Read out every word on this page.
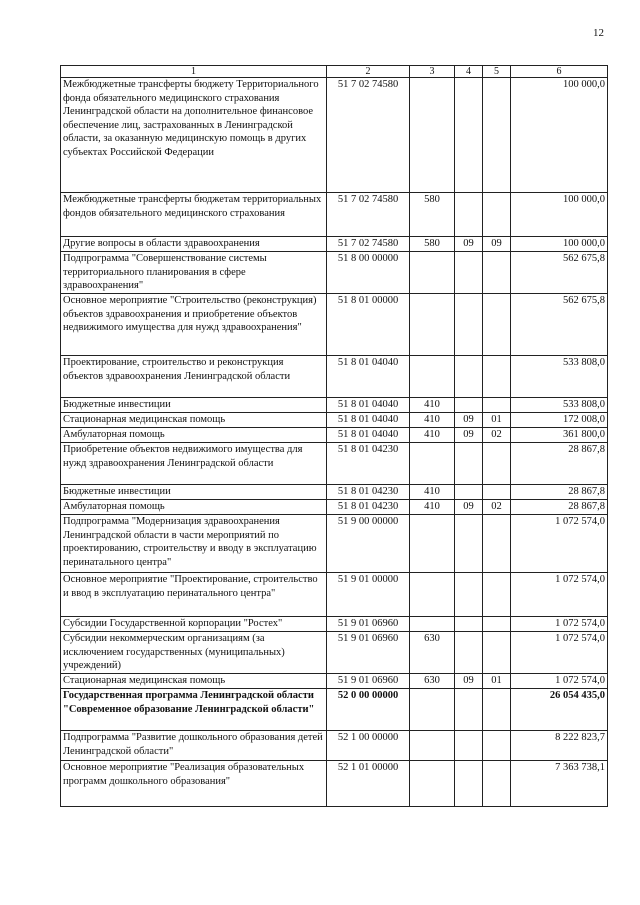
12
1	2	3	4	5	6
Межбюджетные трансферты бюджету Территориального фонда обязательного медицинского страхования Ленинградской области на дополнительное финансовое обеспечение лиц, застрахованных в Ленинградской области, за оказанную медицинскую помощь в других субъектах Российской Федерации	51 7 02 74580				100 000,0
Межбюджетные трансферты бюджетам территориальных фондов обязательного медицинского страхования	51 7 02 74580	580			100 000,0
Другие вопросы в области здравоохранения	51 7 02 74580	580	09	09	100 000,0
Подпрограмма "Совершенствование системы территориального планирования в сфере здравоохранения"	51 8 00 00000				562 675,8
Основное мероприятие "Строительство (реконструкция) объектов здравоохранения и приобретение объектов недвижимого имущества для нужд здравоохранения"	51 8 01 00000				562 675,8
Проектирование, строительство и реконструкция объектов здравоохранения Ленинградской области	51 8 01 04040				533 808,0
Бюджетные инвестиции	51 8 01 04040	410			533 808,0
Стационарная медицинская помощь	51 8 01 04040	410	09	01	172 008,0
Амбулаторная помощь	51 8 01 04040	410	09	02	361 800,0
Приобретение объектов недвижимого имущества для нужд здравоохранения Ленинградской области	51 8 01 04230				28 867,8
Бюджетные инвестиции	51 8 01 04230	410			28 867,8
Амбулаторная помощь	51 8 01 04230	410	09	02	28 867,8
Подпрограмма "Модернизация здравоохранения Ленинградской области в части мероприятий по проектированию, строительству и вводу в эксплуатацию перинатального центра"	51 9 00 00000				1 072 574,0
Основное мероприятие "Проектирование, строительство и ввод в эксплуатацию перинатального центра"	51 9 01 00000				1 072 574,0
Субсидии Государственной корпорации "Ростех"	51 9 01 06960				1 072 574,0
Субсидии некоммерческим организациям (за исключением государственных (муниципальных) учреждений)	51 9 01 06960	630			1 072 574,0
Стационарная медицинская помощь	51 9 01 06960	630	09	01	1 072 574,0
Государственная программа Ленинградской области "Современное образование Ленинградской области"	52 0 00 00000				26 054 435,0
Подпрограмма "Развитие дошкольного образования детей Ленинградской области"	52 1 00 00000				8 222 823,7
Основное мероприятие "Реализация образовательных программ дошкольного образования"	52 1 01 00000				7 363 738,1
